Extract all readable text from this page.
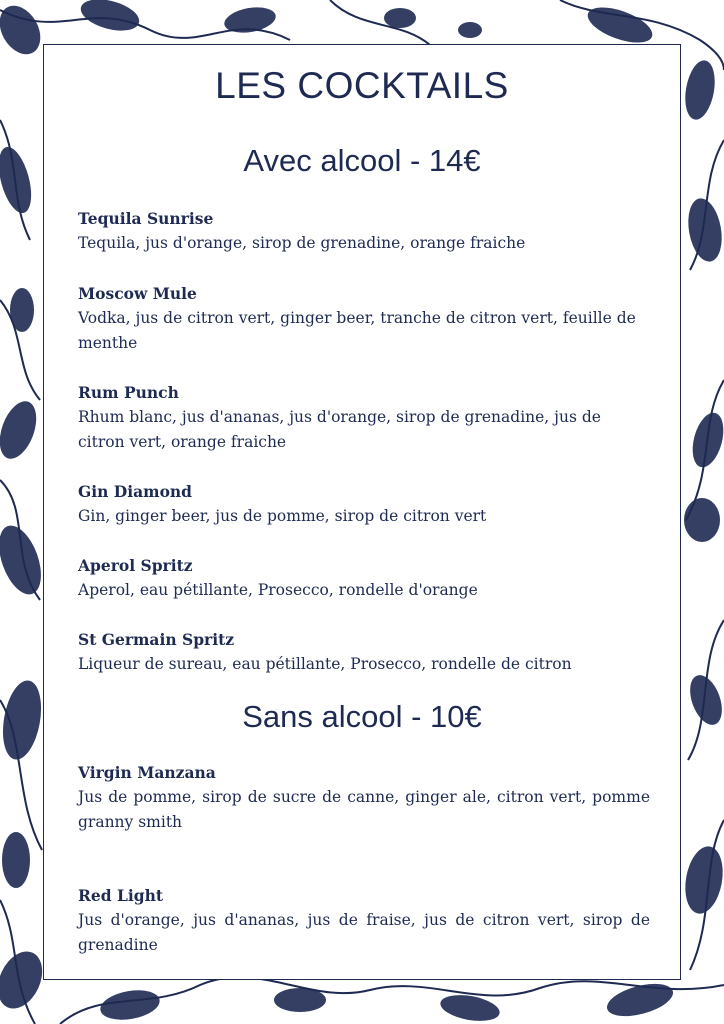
LES COCKTAILS
Avec alcool - 14€
Tequila Sunrise
Tequila, jus d'orange, sirop de grenadine, orange fraiche
Moscow Mule
Vodka, jus de citron vert, ginger beer, tranche de citron vert, feuille de menthe
Rum Punch
Rhum blanc, jus d'ananas, jus d'orange, sirop de grenadine, jus de citron vert, orange fraiche
Gin Diamond
Gin, ginger beer, jus de pomme, sirop de citron vert
Aperol Spritz
Aperol, eau pétillante, Prosecco, rondelle d'orange
St Germain Spritz
Liqueur de sureau, eau pétillante, Prosecco, rondelle de citron
Sans alcool - 10€
Virgin Manzana
Jus de pomme, sirop de sucre de canne, ginger ale, citron vert, pomme granny smith
Red Light
Jus d'orange, jus d'ananas, jus de fraise, jus de citron vert, sirop de grenadine
